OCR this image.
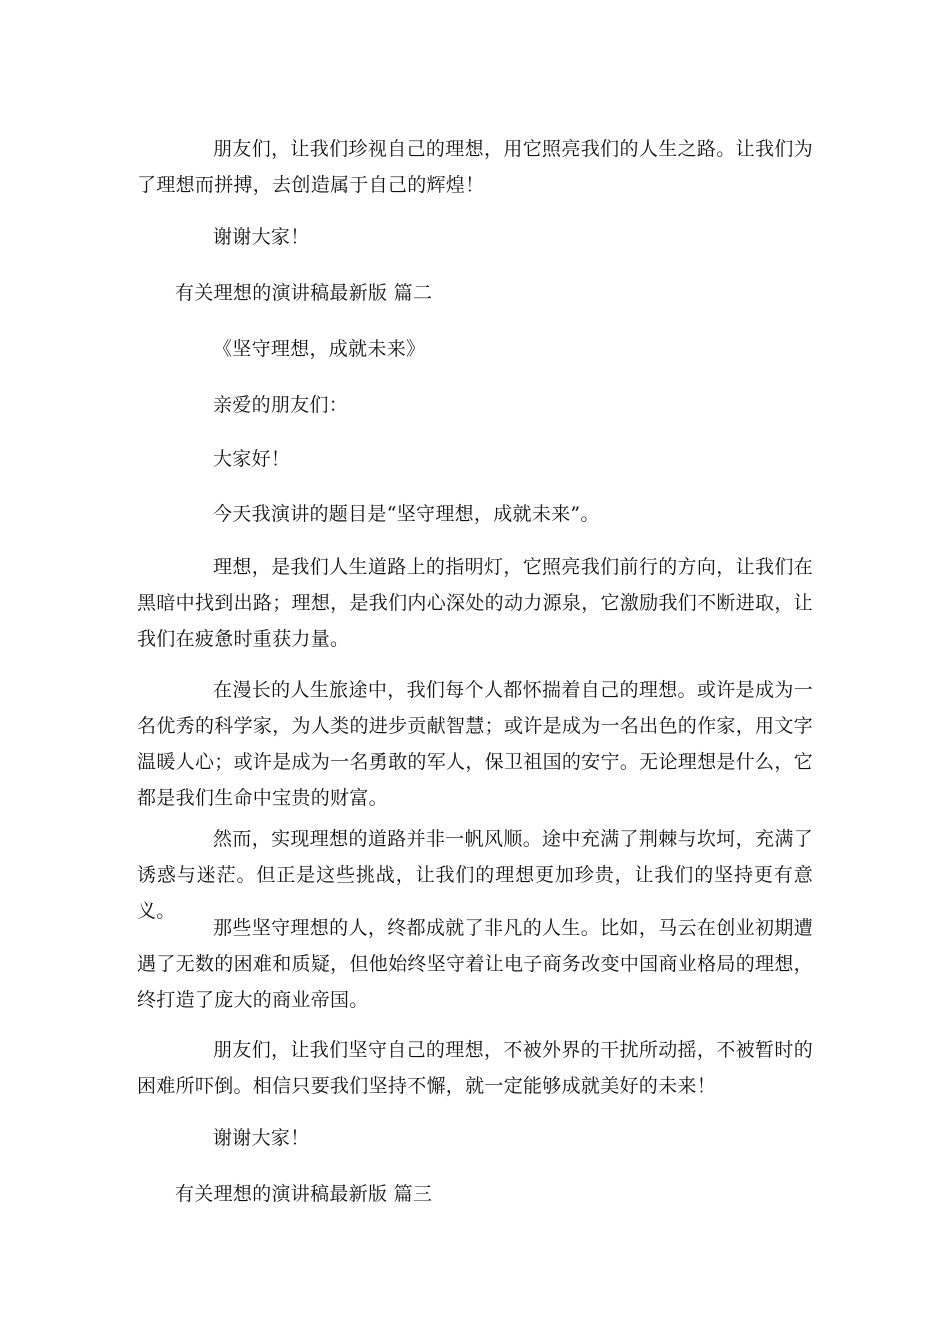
朋友们，让我们珍视自己的理想，用它照亮我们的人生之路。让我们为了理想而拼搏，去创造属于自己的辉煌！

谢谢大家！

有关理想的演讲稿最新版 篇二

《坚守理想，成就未来》

亲爱的朋友们：

大家好！

今天我演讲的题目是“坚守理想，成就未来”。

理想，是我们人生道路上的指明灯，它照亮我们前行的方向，让我们在黑暗中找到出路；理想，是我们内心深处的动力源泉，它激励我们不断进取，让我们在疲惫时重获力量。

在漫长的人生旅途中，我们每个人都怀揣着自己的理想。或许是成为一名优秀的科学家，为人类的进步贡献智慧；或许是成为一名出色的作家，用文字温暖人心；或许是成为一名勇敢的军人，保卫祖国的安宁。无论理想是什么，它都是我们生命中宝贵的财富。

然而，实现理想的道路并非一帆风顺。途中充满了荆棘与坎坷，充满了诱惑与迷茫。但正是这些挑战，让我们的理想更加珍贵，让我们的坚持更有意义。

那些坚守理想的人，终都成就了非凡的人生。比如，马云在创业初期遭遇了无数的困难和质疑，但他始终坚守着让电子商务改变中国商业格局的理想，终打造了庞大的商业帝国。

朋友们，让我们坚守自己的理想，不被外界的干扰所动摇，不被暂时的困难所吓倒。相信只要我们坚持不懈，就一定能够成就美好的未来！

谢谢大家！

有关理想的演讲稿最新版 篇三
